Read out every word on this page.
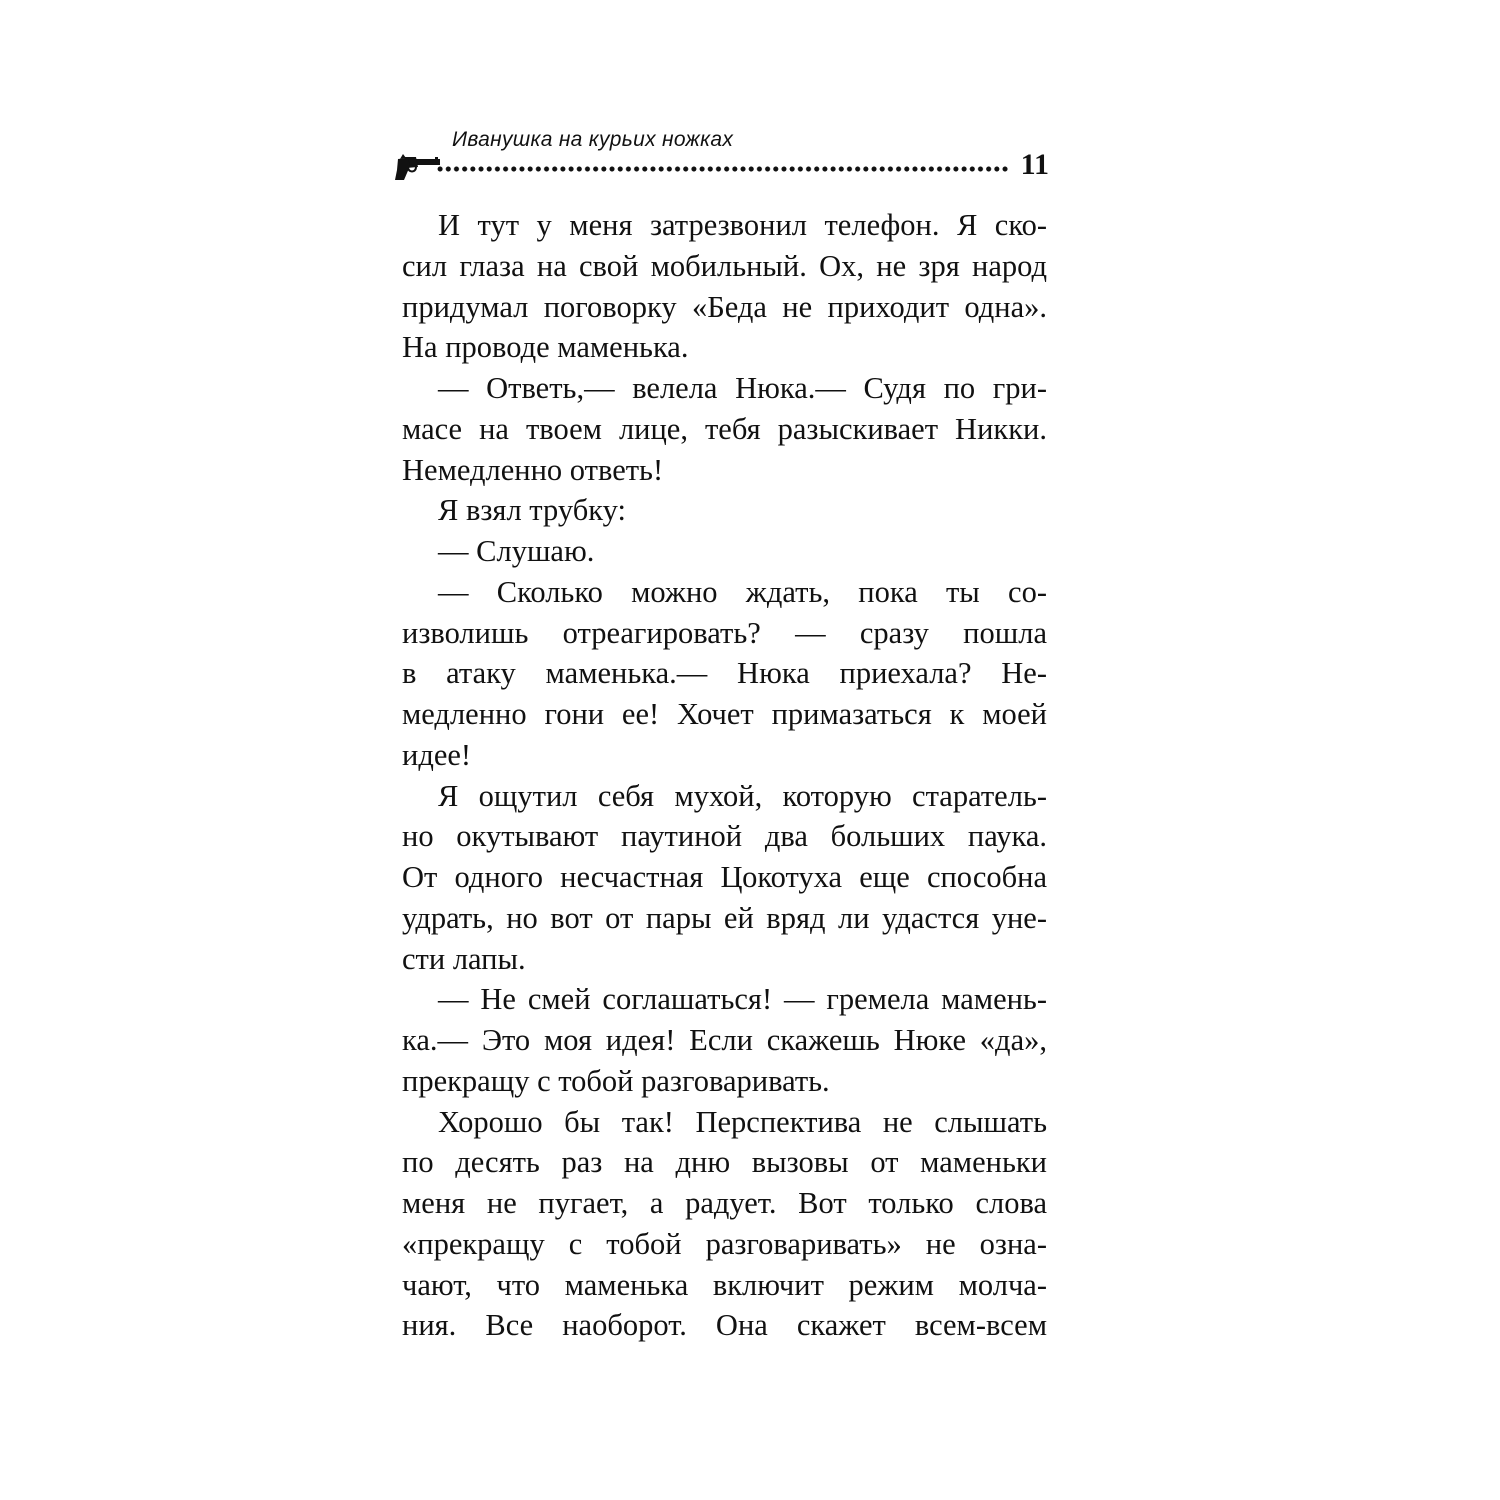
Иванушка на курьих ножках
11
И тут у меня затрезвонил телефон. Я ско-
сил глаза на свой мобильный. Ох, не зря народ
придумал поговорку «Беда не приходит одна».
На проводе маменька.
— Ответь,— велела Нюка.— Судя по гри-
масе на твоем лице, тебя разыскивает Никки.
Немедленно ответь!
Я взял трубку:
— Слушаю.
— Сколько можно ждать, пока ты со-
изволишь отреагировать? — сразу пошла
в атаку маменька.— Нюка приехала? Не-
медленно гони ее! Хочет примазаться к моей
идее!
Я ощутил себя мухой, которую старатель-
но окутывают паутиной два больших паука.
От одного несчастная Цокотуха еще способна
удрать, но вот от пары ей вряд ли удастся уне-
сти лапы.
— Не смей соглашаться! — гремела мамень-
ка.— Это моя идея! Если скажешь Нюке «да»,
прекращу с тобой разговаривать.
Хорошо бы так! Перспектива не слышать
по десять раз на дню вызовы от маменьки
меня не пугает, а радует. Вот только слова
«прекращу с тобой разговаривать» не озна-
чают, что маменька включит режим молча-
ния. Все наоборот. Она скажет всем-всем
